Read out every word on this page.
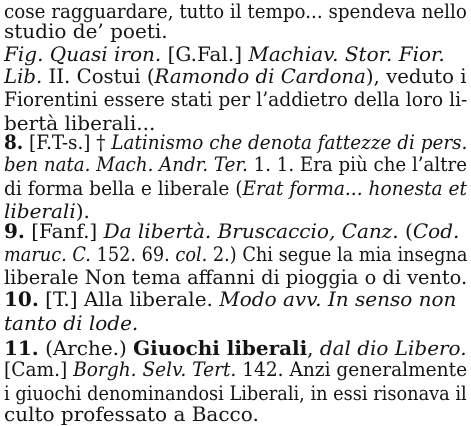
cose ragguardare, tutto il tempo... spendeva nello
studio de’ poeti.
Fig. Quasi iron. [G.Fal.] Machiav. Stor. Fior.
Lib. II. Costui (Ramondo di Cardona), veduto i
Fiorentini essere stati per l’addietro della loro li-
bertà liberali...
8. [F.T-s.] † Latinismo che denota fattezze di pers.
ben nata. Mach. Andr. Ter. 1. 1. Era più che l’altre
di forma bella e liberale (Erat forma... honesta et
liberali).
9. [Fanf.] Da libertà. Bruscaccio, Canz. (Cod.
maruc. C. 152. 69. col. 2.) Chi segue la mia insegna
liberale Non tema affanni di pioggia o di vento.
10. [T.] Alla liberale. Modo avv. In senso non
tanto di lode.
11. (Arche.) Giuochi liberali, dal dio Libero.
[Cam.] Borgh. Selv. Tert. 142. Anzi generalmente
i giuochi denominandosi Liberali, in essi risonava il
culto professato a Bacco.
